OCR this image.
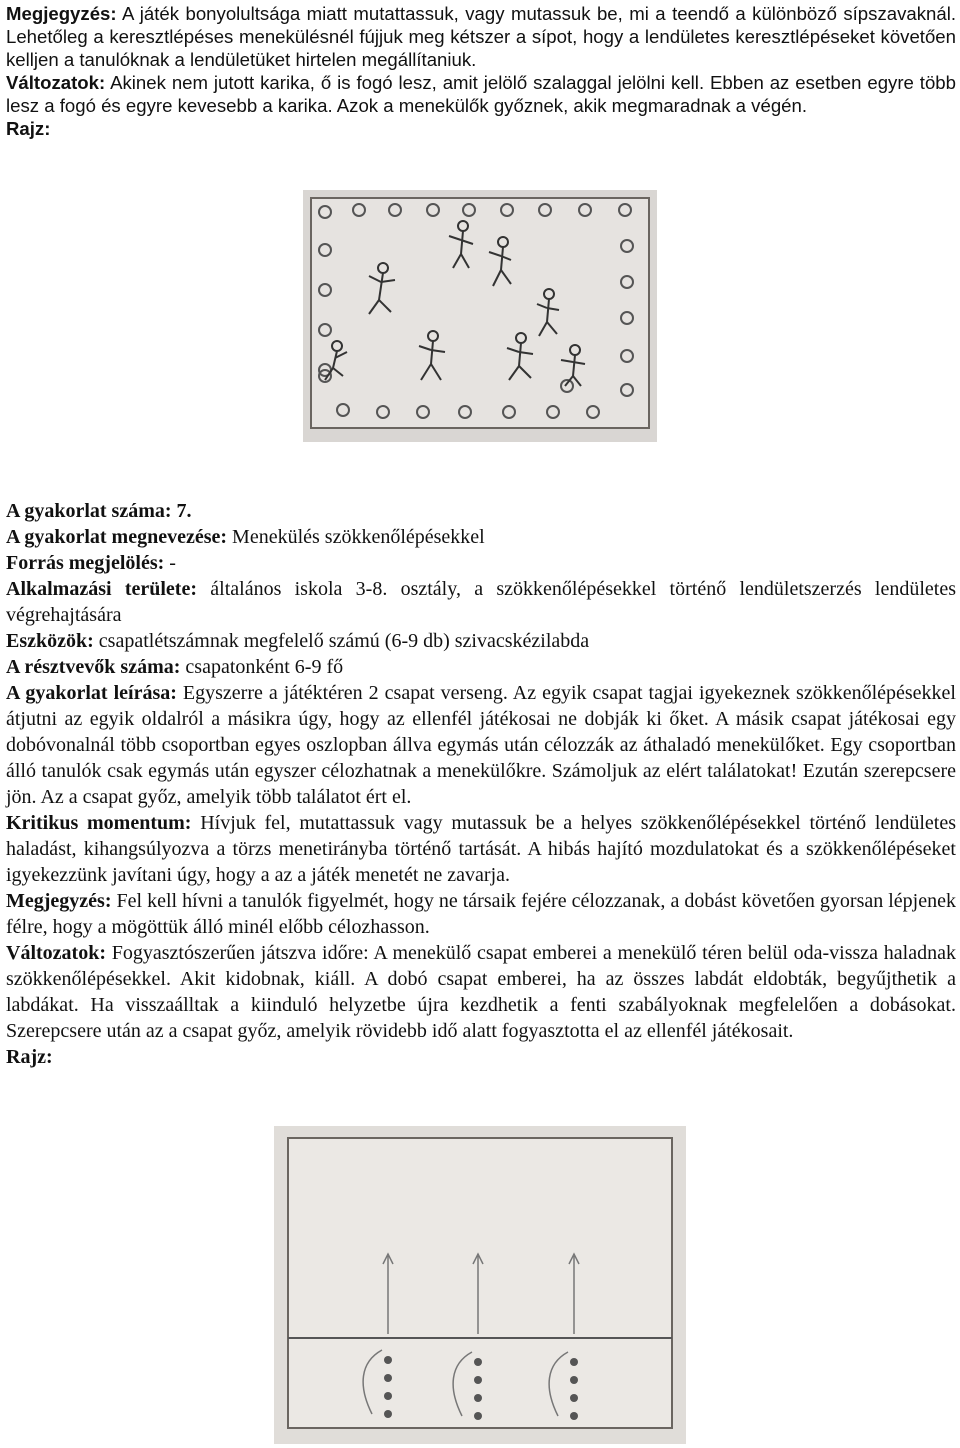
Megjegyzés: A játék bonyolultsága miatt mutattassuk, vagy mutassuk be, mi a teendő a különböző sípszavaknál. Lehetőleg a keresztlépéses menekülésnél fújjuk meg kétszer a sípot, hogy a lendületes keresztlépéseket követően kelljen a tanulóknak a lendületüket hirtelen megállítaniuk.

Változatok: Akinek nem jutott karika, ő is fogó lesz, amit jelölő szalaggal jelölni kell. Ebben az esetben egyre több lesz a fogó és egyre kevesebb a karika. Azok a menekülők győznek, akik megmaradnak a végén.

Rajz:

A gyakorlat száma: 7.

A gyakorlat megnevezése: Menekülés szökkenőlépésekkel

Forrás megjelölés: -

Alkalmazási területe: általános iskola 3-8. osztály, a szökkenőlépésekkel történő lendületszerzés lendületes végrehajtására

Eszközök: csapatlétszámnak megfelelő számú (6-9 db) szivacskézilabda

A résztvevők száma: csapatonként 6-9 fő

A gyakorlat leírása: Egyszerre a játéktéren 2 csapat verseng. Az egyik csapat tagjai igyekeznek szökkenőlépésekkel átjutni az egyik oldalról a másikra úgy, hogy az ellenfél játékosai ne dobják ki őket. A másik csapat játékosai egy dobóvonalnál több csoportban egyes oszlopban állva egymás után célozzák az áthaladó menekülőket. Egy csoportban álló tanulók csak egymás után egyszer célozhatnak a menekülőkre. Számoljuk az elért találatokat! Ezután szerepcsere jön. Az a csapat győz, amelyik több találatot ért el.

Kritikus momentum: Hívjuk fel, mutattassuk vagy mutassuk be a helyes szökkenőlépésekkel történő lendületes haladást, kihangsúlyozva a törzs menetirányba történő tartását. A hibás hajító mozdulatokat és a szökkenőlépéseket igyekezzünk javítani úgy, hogy a az a játék menetét ne zavarja.

Megjegyzés: Fel kell hívni a tanulók figyelmét, hogy ne társaik fejére célozzanak, a dobást követően gyorsan lépjenek félre, hogy a mögöttük álló minél előbb célozhasson.

Változatok: Fogyasztószerűen játszva időre: A menekülő csapat emberei a menekülő téren belül oda-vissza haladnak szökkenőlépésekkel. Akit kidobnak, kiáll. A dobó csapat emberei, ha az összes labdát eldobták, begyűjthetik a labdákat. Ha visszaálltak a kiinduló helyzetbe újra kezdhetik a fenti szabályoknak megfelelően a dobásokat. Szerepcsere után az a csapat győz, amelyik rövidebb idő alatt fogyasztotta el az ellenfél játékosait.

Rajz:
